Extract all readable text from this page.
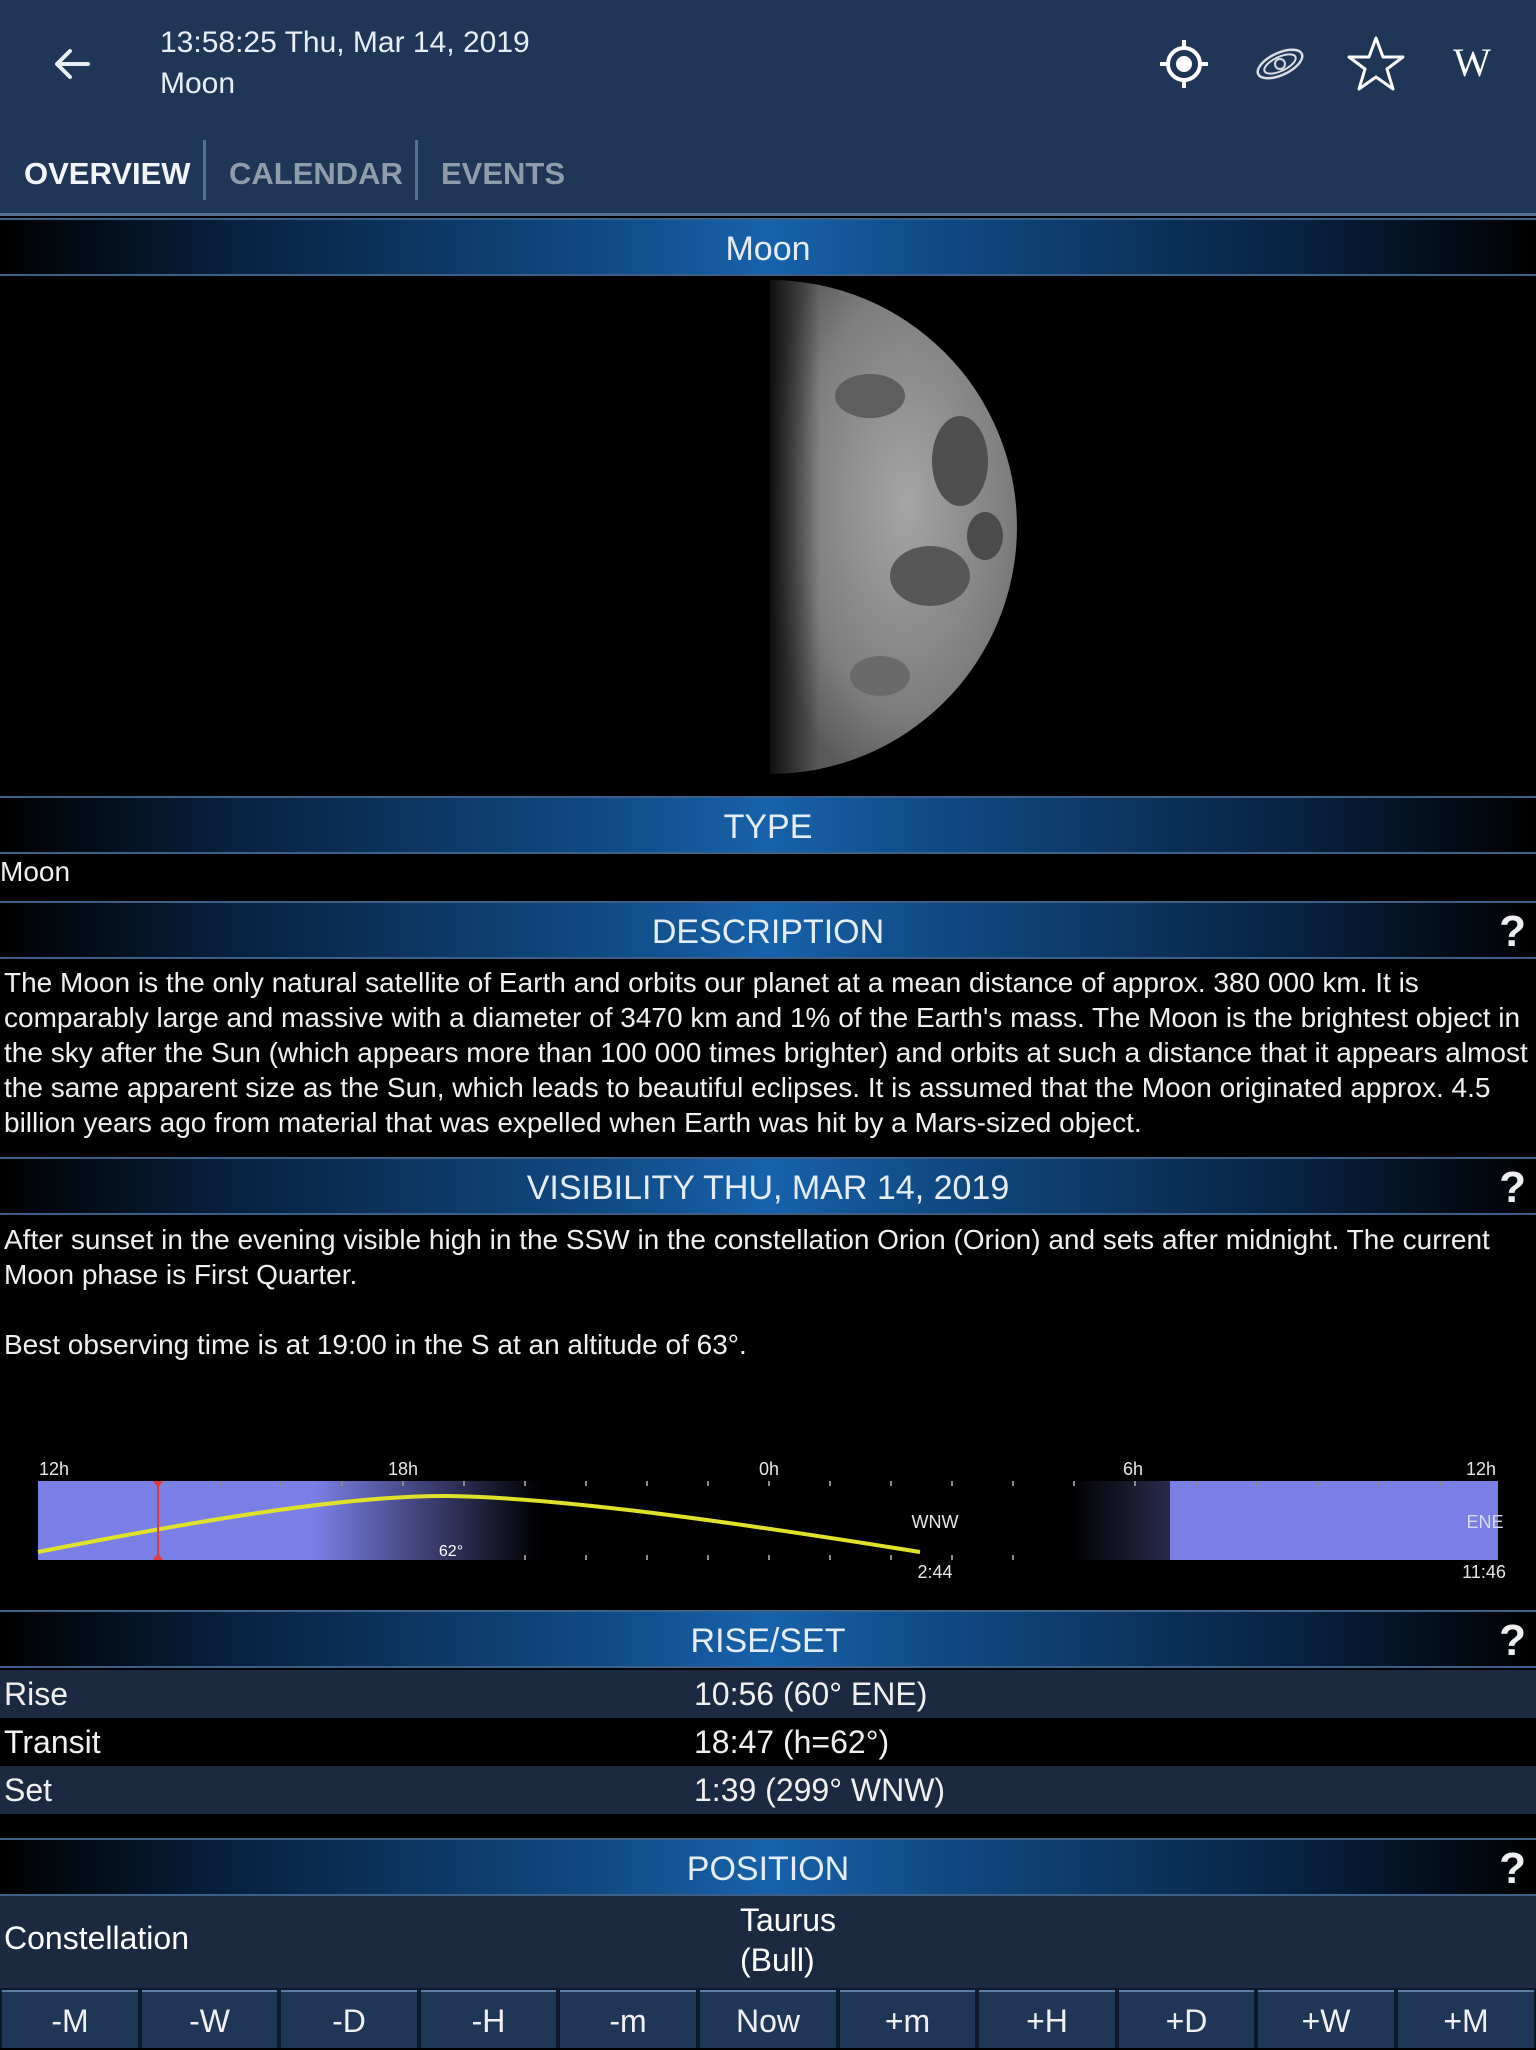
13:58:25 Thu, Mar 14, 2019
Moon	W
OVERVIEW CALENDAR EVENTS
Moon
TYPE
Moon
DESCRIPTION	?
The Moon is the only natural satellite of Earth and orbits our planet at a mean distance of approx. 380 000 km. It is comparably large and massive with a diameter of 3470 km and 1% of the Earth's mass. The Moon is the brightest object in the sky after the Sun (which appears more than 100 000 times brighter) and orbits at such a distance that it appears almost the same apparent size as the Sun, which leads to beautiful eclipses. It is assumed that the Moon originated approx. 4.5 billion years ago from material that was expelled when Earth was hit by a Mars-sized object.
VISIBILITY THU, MAR 14, 2019	?
After sunset in the evening visible high in the SSW in the constellation Orion (Orion) and sets after midnight. The current Moon phase is First Quarter.
Best observing time is at 19:00 in the S at an altitude of 63°.
12h	18h	0h	6h	12h
62°
WNW
2:44
ENE
11:46
RISE/SET	?
Rise	10:56 (60° ENE)
Transit	18:47 (h=62°)
Set	1:39 (299° WNW)
POSITION	?
Constellation	Taurus
(Bull)
-M	-W	-D	-H	-m	Now	+m	+H	+D	+W	+M
